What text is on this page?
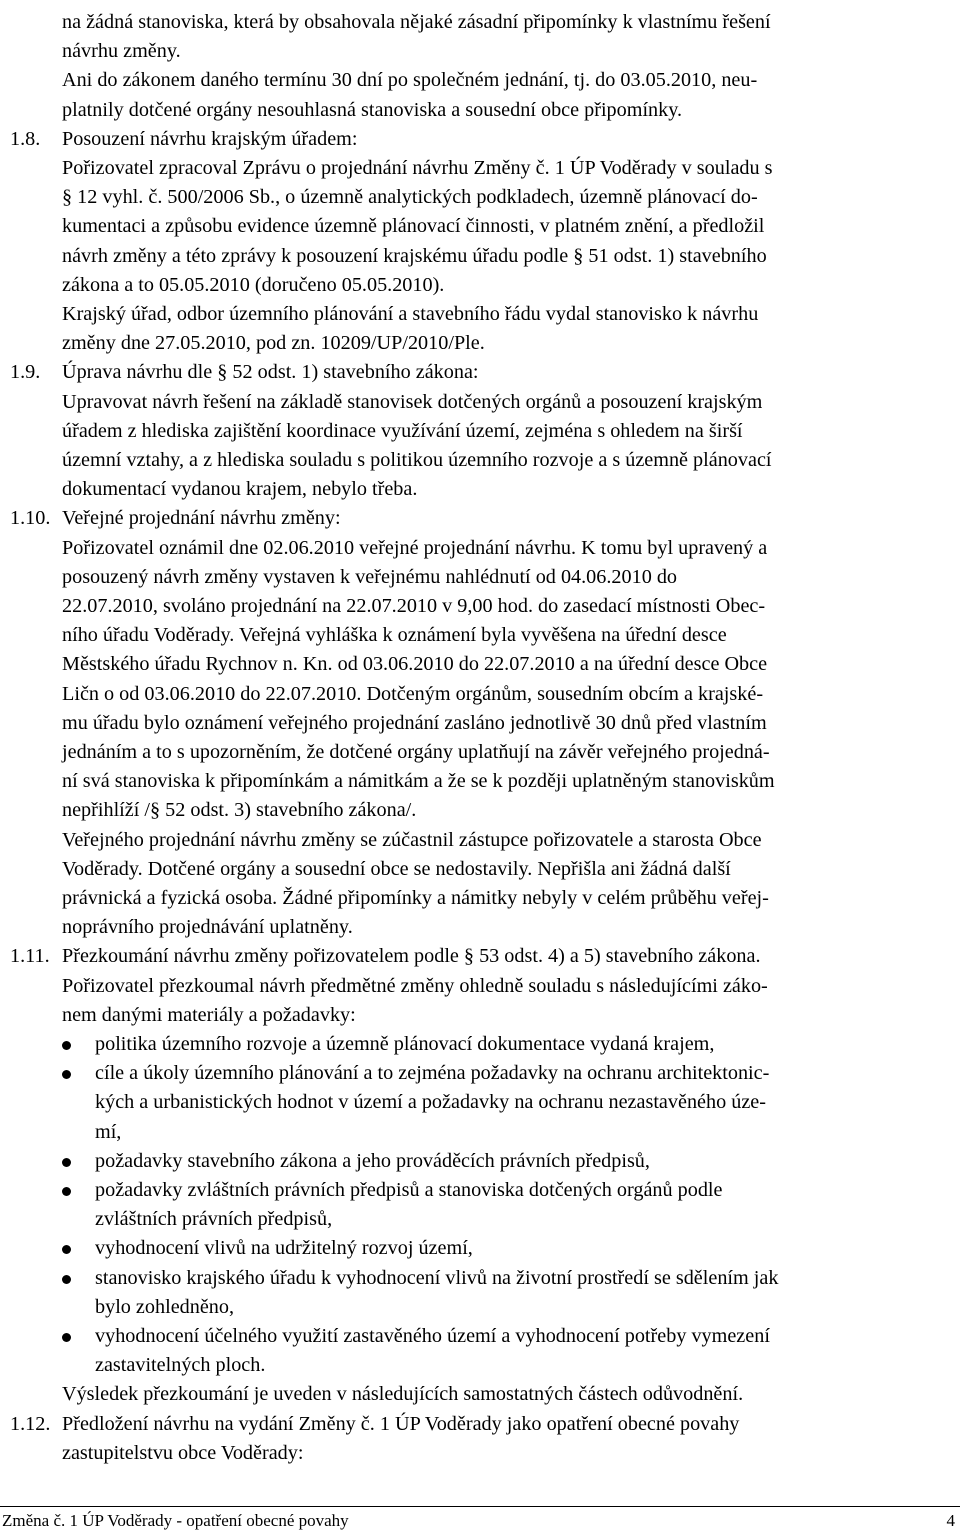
na žádná stanoviska, která by obsahovala nějaké zásadní připomínky k vlastnímu řešení
návrhu změny.
Ani do zákonem daného termínu 30 dní po společném jednání, tj. do 03.05.2010, neu-
platnily dotčené orgány nesouhlasná stanoviska a sousední obce připomínky.
1.8. Posouzení návrhu krajským úřadem:
Pořizovatel zpracoval Zprávu o projednání návrhu Změny č. 1 ÚP Voděrady v souladu s
§ 12 vyhl. č. 500/2006 Sb., o územně analytických podkladech, územně plánovací do-
kumentaci a způsobu evidence územně plánovací činnosti, v platném znění, a předložil
návrh změny a této zprávy k posouzení krajskému úřadu podle § 51 odst. 1) stavebního
zákona a to 05.05.2010 (doručeno 05.05.2010).
Krajský úřad, odbor územního plánování a stavebního řádu vydal stanovisko k návrhu
změny dne 27.05.2010, pod zn. 10209/UP/2010/Ple.
1.9. Úprava návrhu dle § 52 odst. 1) stavebního zákona:
Upravovat návrh řešení na základě stanovisek dotčených orgánů a posouzení krajským
úřadem z hlediska zajištění koordinace využívání území, zejména s ohledem na širší
územní vztahy, a z hlediska souladu s politikou územního rozvoje a s územně plánovací
dokumentací vydanou krajem, nebylo třeba.
1.10. Veřejné projednání návrhu změny:
Pořizovatel oznámil dne 02.06.2010 veřejné projednání návrhu. K tomu byl upravený a
posouzený návrh změny vystaven k veřejnému nahlédnutí od 04.06.2010 do
22.07.2010, svoláno projednání na 22.07.2010 v 9,00 hod. do zasedací místnosti Obec-
ního úřadu Voděrady. Veřejná vyhláška k oznámení byla vyvěšena na úřední desce
Městského úřadu Rychnov n. Kn. od 03.06.2010 do 22.07.2010 a na úřední desce Obce
Ličn o od 03.06.2010 do 22.07.2010. Dotčeným orgánům, sousedním obcím a krajské-
mu úřadu bylo oznámení veřejného projednání zasláno jednotlivě 30 dnů před vlastním
jednáním a to s upozorněním, že dotčené orgány uplatňují na závěr veřejného projedná-
ní svá stanoviska k připomínkám a námitkám a že se k později uplatněným stanoviskům
nepřihlíží /§ 52 odst. 3) stavebního zákona/.
Veřejného projednání návrhu změny se zúčastnil zástupce pořizovatele a starosta Obce
Voděrady. Dotčené orgány a sousední obce se nedostavily. Nepřišla ani žádná další
právnická a fyzická osoba. Žádné připomínky a námitky nebyly v celém průběhu veřej-
noprávního projednávání uplatněny.
1.11. Přezkoumání návrhu změny pořizovatelem podle § 53 odst. 4) a 5) stavebního zákona.
Pořizovatel přezkoumal návrh předmětné změny ohledně souladu s následujícími záko-
nem danými materiály a požadavky:
politika územního rozvoje a územně plánovací dokumentace vydaná krajem,
cíle a úkoly územního plánování a to zejména požadavky na ochranu architektonic-
kých a urbanistických hodnot v území a požadavky na ochranu nezastavěného úze-
mí,
požadavky stavebního zákona a jeho prováděcích právních předpisů,
požadavky zvláštních právních předpisů a stanoviska dotčených orgánů podle
zvláštních právních předpisů,
vyhodnocení vlivů na udržitelný rozvoj území,
stanovisko krajského úřadu k vyhodnocení vlivů na životní prostředí se sdělením jak
bylo zohledněno,
vyhodnocení účelného využití zastavěného území a vyhodnocení potřeby vymezení
zastavitelných ploch.
Výsledek přezkoumání je uveden v následujících samostatných částech odůvodnění.
1.12. Předložení návrhu na vydání Změny č. 1 ÚP Voděrady jako opatření obecné povahy
zastupitelstvu obce Voděrady:
Změna č. 1 ÚP Voděrady - opatření obecné povahy	4
